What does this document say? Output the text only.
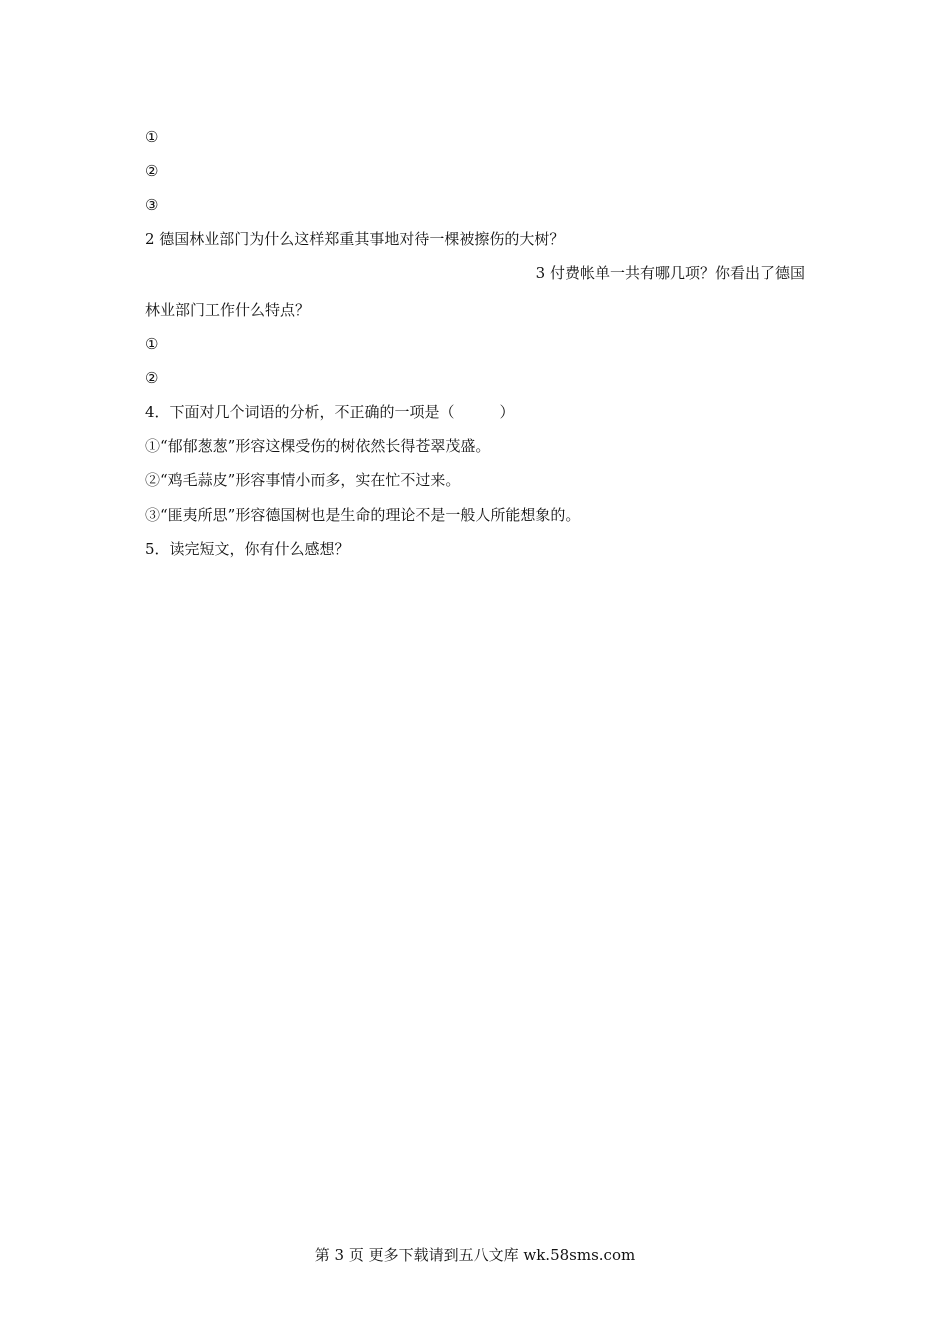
①
②
③
2 德国林业部门为什么这样郑重其事地对待一棵被擦伤的大树？
3 付费帐单一共有哪几项？你看出了德国
林业部门工作什么特点？
①
②
4．下面对几个词语的分析，不正确的一项是（　　　）
①“郁郁葱葱”形容这棵受伤的树依然长得苍翠茂盛。
②“鸡毛蒜皮”形容事情小而多，实在忙不过来。
③“匪夷所思”形容德国树也是生命的理论不是一般人所能想象的。
5．读完短文，你有什么感想？
第 3 页 更多下载请到五八文库 wk.58sms.com
